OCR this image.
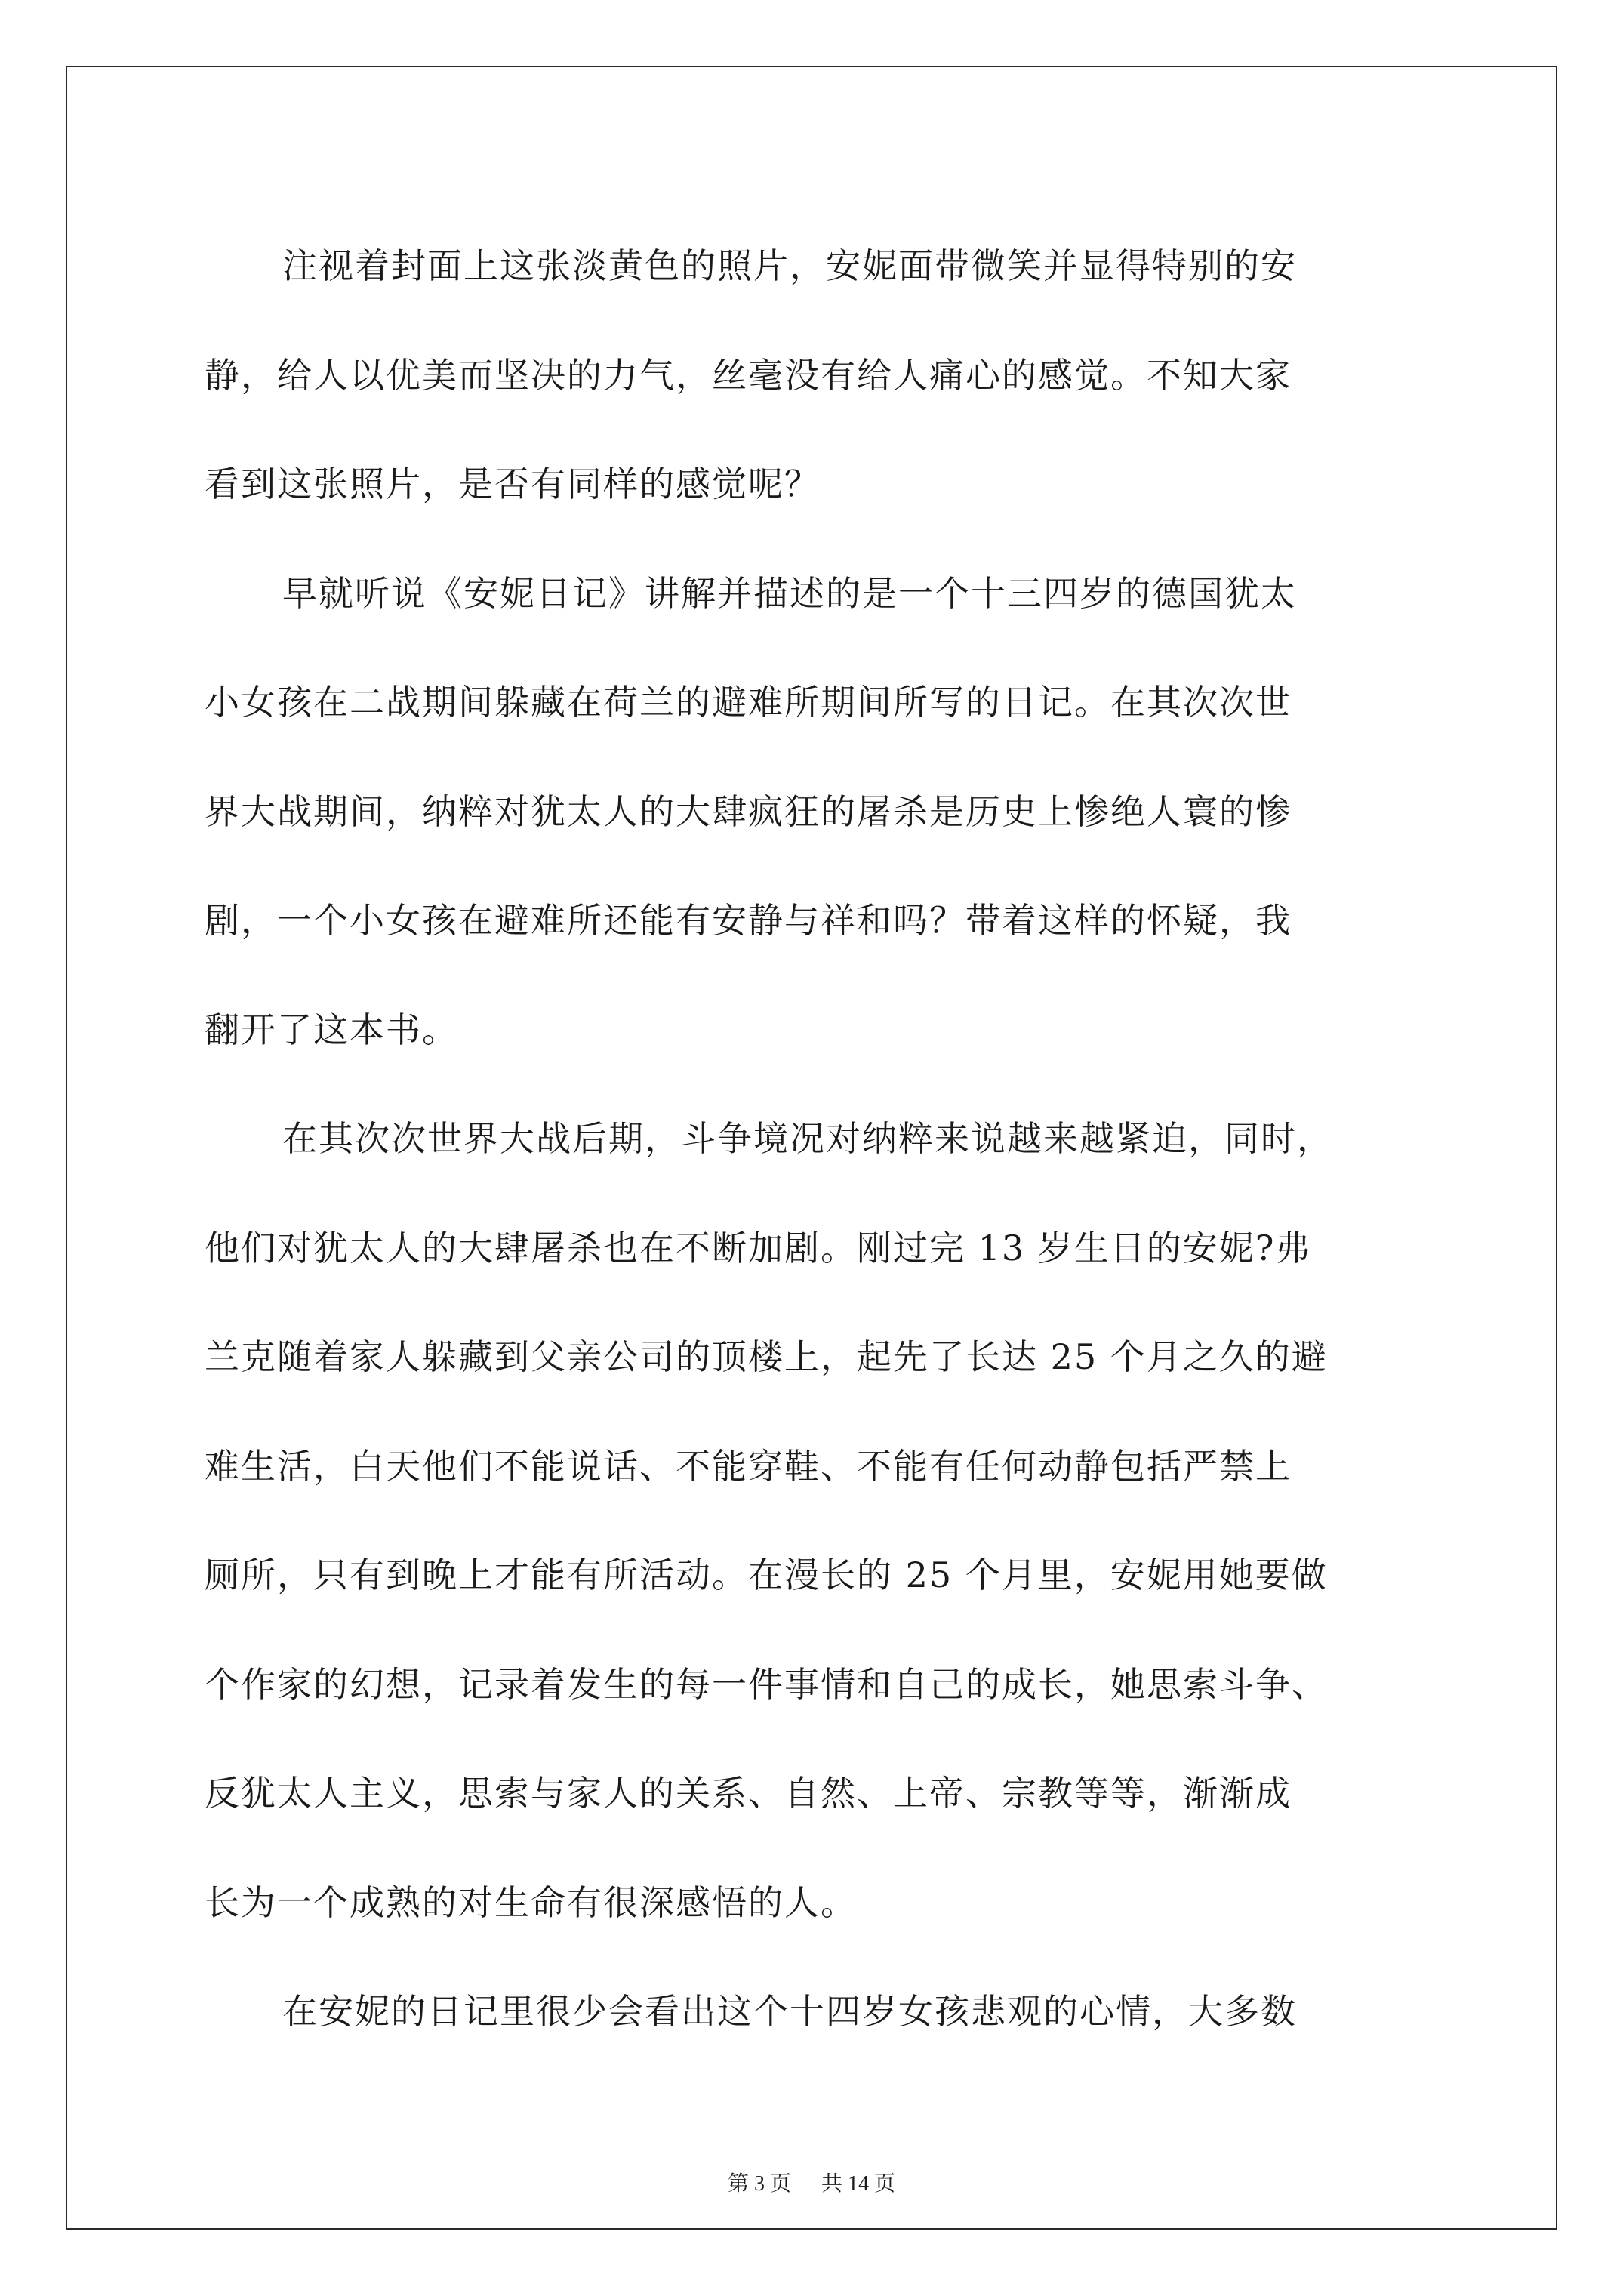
注视着封面上这张淡黄色的照片，安妮面带微笑并显得特别的安
静，给人以优美而坚决的力气，丝毫没有给人痛心的感觉。不知大家
看到这张照片，是否有同样的感觉呢？
早就听说《安妮日记》讲解并描述的是一个十三四岁的德国犹太
小女孩在二战期间躲藏在荷兰的避难所期间所写的日记。在其次次世
界大战期间，纳粹对犹太人的大肆疯狂的屠杀是历史上惨绝人寰的惨
剧，一个小女孩在避难所还能有安静与祥和吗？带着这样的怀疑，我
翻开了这本书。
在其次次世界大战后期，斗争境况对纳粹来说越来越紧迫，同时，
他们对犹太人的大肆屠杀也在不断加剧。刚过完 13 岁生日的安妮?弗
兰克随着家人躲藏到父亲公司的顶楼上，起先了长达 25 个月之久的避
难生活，白天他们不能说话、不能穿鞋、不能有任何动静包括严禁上
厕所，只有到晚上才能有所活动。在漫长的 25 个月里，安妮用她要做
个作家的幻想，记录着发生的每一件事情和自己的成长，她思索斗争、
反犹太人主义，思索与家人的关系、自然、上帝、宗教等等，渐渐成
长为一个成熟的对生命有很深感悟的人。
在安妮的日记里很少会看出这个十四岁女孩悲观的心情，大多数
第 3 页 共 14 页
